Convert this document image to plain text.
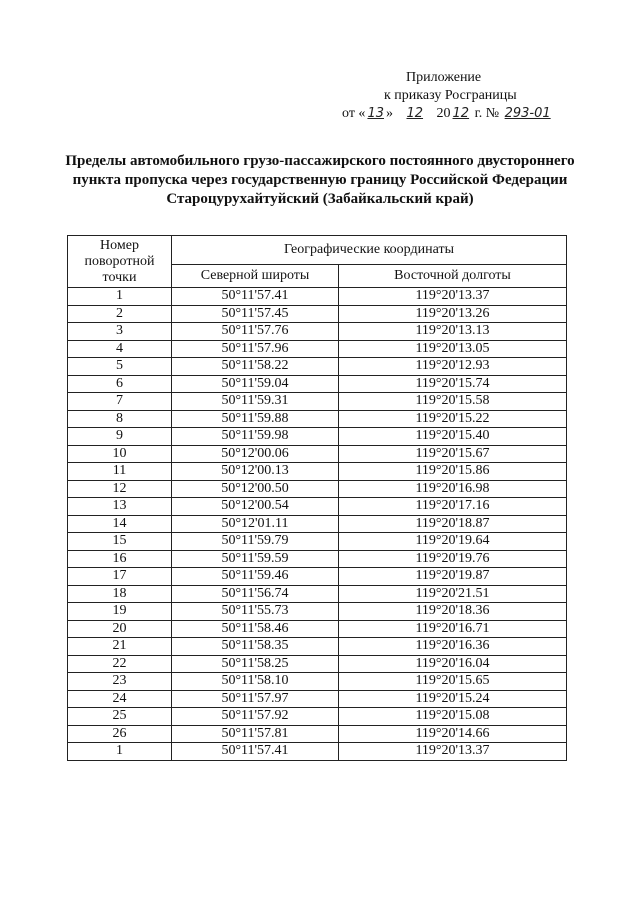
Приложение
к приказу Росграницы
от « 13 » 12 20 12 г. № 293-01
Пределы автомобильного грузо-пассажирского постоянного двустороннего
пункта пропуска через государственную границу Российской Федерации
Староцурухайтуйский (Забайкальский край)
Номер поворотной точки	Географические координаты	
	Северной широты	Восточной долготы
1	50°11'57.41	119°20'13.37
2	50°11'57.45	119°20'13.26
3	50°11'57.76	119°20'13.13
4	50°11'57.96	119°20'13.05
5	50°11'58.22	119°20'12.93
6	50°11'59.04	119°20'15.74
7	50°11'59.31	119°20'15.58
8	50°11'59.88	119°20'15.22
9	50°11'59.98	119°20'15.40
10	50°12'00.06	119°20'15.67
11	50°12'00.13	119°20'15.86
12	50°12'00.50	119°20'16.98
13	50°12'00.54	119°20'17.16
14	50°12'01.11	119°20'18.87
15	50°11'59.79	119°20'19.64
16	50°11'59.59	119°20'19.76
17	50°11'59.46	119°20'19.87
18	50°11'56.74	119°20'21.51
19	50°11'55.73	119°20'18.36
20	50°11'58.46	119°20'16.71
21	50°11'58.35	119°20'16.36
22	50°11'58.25	119°20'16.04
23	50°11'58.10	119°20'15.65
24	50°11'57.97	119°20'15.24
25	50°11'57.92	119°20'15.08
26	50°11'57.81	119°20'14.66
1	50°11'57.41	119°20'13.37
